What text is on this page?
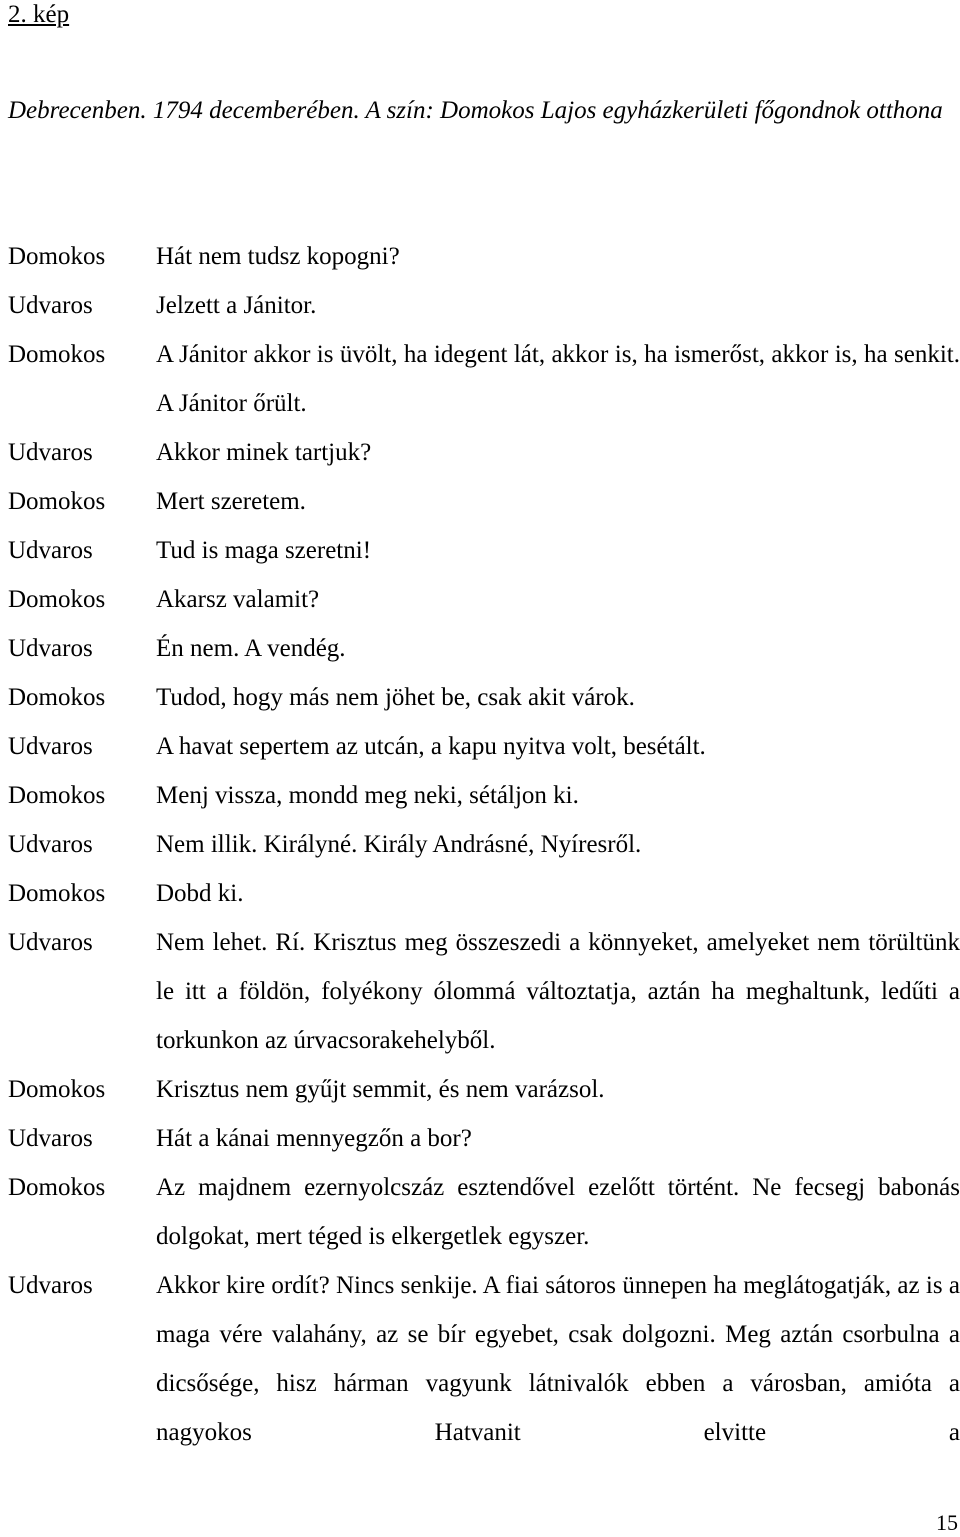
2. kép
Debrecenben. 1794 decemberében. A szín: Domokos Lajos egyházkerületi főgondnok otthona
Domokos	Hát nem tudsz kopogni?
Udvaros	Jelzett a Jánitor.
Domokos	A Jánitor akkor is üvölt, ha idegent lát, akkor is, ha ismerőst, akkor is, ha senkit. A Jánitor őrült.
Udvaros	Akkor minek tartjuk?
Domokos	Mert szeretem.
Udvaros	Tud is maga szeretni!
Domokos	Akarsz valamit?
Udvaros	Én nem. A vendég.
Domokos	Tudod, hogy más nem jöhet be, csak akit várok.
Udvaros	A havat sepertem az utcán, a kapu nyitva volt, besétált.
Domokos	Menj vissza, mondd meg neki, sétáljon ki.
Udvaros	Nem illik. Királyné. Király Andrásné, Nyíresről.
Domokos	Dobd ki.
Udvaros	Nem lehet. Rí. Krisztus meg összeszedi a könnyeket, amelyeket nem törültünk le itt a földön, folyékony ólommá változtatja, aztán ha meghaltunk, ledűti a torkunkon az úrvacsorakehelyből.
Domokos	Krisztus nem gyűjt semmit, és nem varázsol.
Udvaros	Hát a kánai mennyegzőn a bor?
Domokos	Az majdnem ezernyolcszáz esztendővel ezelőtt történt. Ne fecsegj babonás dolgokat, mert téged is elkergetlek egyszer.
Udvaros	Akkor kire ordít? Nincs senkije. A fiai sátoros ünnepen ha meglátogatják, az is a maga vére valahány, az se bír egyebet, csak dolgozni. Meg aztán csorbulna a dicsősége, hisz hárman vagyunk látnivalók ebben a városban, amióta a nagyokos Hatvanit elvitte a
15
